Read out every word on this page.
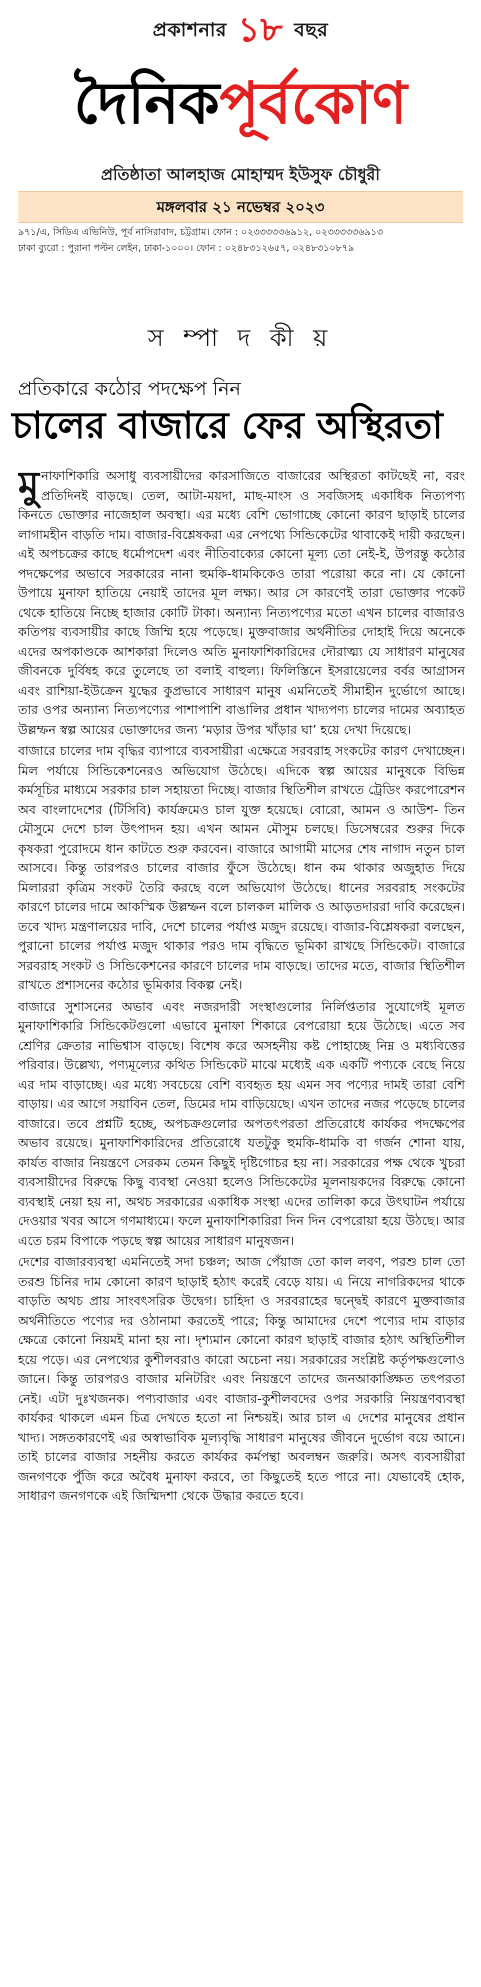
প্রকাশনার ১৮ বছর
দৈনিকপূর্বকোণ
প্রতিষ্ঠাতা আলহাজ মোহাম্মদ ইউসুফ চৌধুরী
মঙ্গলবার ২১ নভেম্বর ২০২৩
৯৭১/এ, সিডিএ এভিনিউ, পূর্ব নাসিরাবাদ, চট্টগ্রাম। ফোন : ০২৩৩৩৩৩৬৯১২, ০২৩৩৩৩৩৬৯১৩
ঢাকা ব্যুরো : পুরানা পল্টন লেইন, ঢাকা-১০০০। ফোন : ০২৪৮৩১২৬৫৭, ০২৪৮৩১০৮৭৯
স ম্পা দ কী য়
প্রতিকারে কঠোর পদক্ষেপ নিন
চালের বাজারে ফের অস্থিরতা

মুনাফাশিকারি অসাধু ব্যবসায়ীদের কারসাজিতে বাজারের অস্থিরতা কাটছেই না, বরং প্রতিদিনই বাড়ছে। তেল, আটা-ময়দা, মাছ-মাংস ও সবজিসহ একাধিক নিত্যপণ্য কিনতে ভোক্তার নাজেহাল অবস্থা। এর মধ্যে বেশি ভোগাচ্ছে কোনো কারণ ছাড়াই চালের লাগামহীন বাড়তি দাম। বাজার-বিশ্লেষকরা এর নেপথ্যে সিন্ডিকেটের থাবাকেই দায়ী করছেন। এই অপচক্রের কাছে ধর্মোপদেশ এবং নীতিবাক্যের কোনো মূল্য তো নেই-ই, উপরন্তু কঠোর পদক্ষেপের অভাবে সরকারের নানা হুমকি-ধামকিকেও তারা পরোয়া করে না। যে কোনো উপায়ে মুনাফা হাতিয়ে নেয়াই তাদের মূল লক্ষ্য। আর সে কারণেই তারা ভোক্তার পকেট থেকে হাতিয়ে নিচ্ছে হাজার কোটি টাকা। অন্যান্য নিত্যপণ্যের মতো এখন চালের বাজারও কতিপয় ব্যবসায়ীর কাছে জিম্মি হয়ে পড়েছে। মুক্তবাজার অর্থনীতির দোহাই দিয়ে অনেকে এদের অপকাণ্ডকে আশকারা দিলেও অতি মুনাফাশিকারিদের দৌরাত্ম্য যে সাধারণ মানুষের জীবনকে দুর্বিষহ করে তুলেছে তা বলাই বাহুল্য। ফিলিস্তিনে ইসরায়েলের বর্বর আগ্রাসন এবং রাশিয়া-ইউক্রেন যুদ্ধের কুপ্রভাবে সাধারণ মানুষ এমনিতেই সীমাহীন দুর্ভোগে আছে। তার ওপর অন্যান্য নিত্যপণ্যের পাশাপাশি বাঙালির প্রধান খাদ্যপণ্য চালের দামের অব্যাহত উল্লম্ফন স্বল্প আয়ের ভোক্তাদের জন্য ‘মড়ার উপর খাঁড়ার ঘা’ হয়ে দেখা দিয়েছে।

বাজারে চালের দাম বৃদ্ধির ব্যাপারে ব্যবসায়ীরা এক্ষেত্রে সরবরাহ সংকটের কারণ দেখাচ্ছেন। মিল পর্যায়ে সিন্ডিকেশনেরও অভিযোগ উঠেছে। এদিকে স্বল্প আয়ের মানুষকে বিভিন্ন কর্মসূচির মাধ্যমে সরকার চাল সহায়তা দিচ্ছে। বাজার স্থিতিশীল রাখতে ট্রেডিং করপোরেশন অব বাংলাদেশের (টিসিবি) কার্যক্রমেও চাল যুক্ত হয়েছে। বোরো, আমন ও আউশ- তিন মৌসুমে দেশে চাল উৎপাদন হয়। এখন আমন মৌসুম চলছে। ডিসেম্বরের শুরুর দিকে কৃষকরা পুরোদমে ধান কাটতে শুরু করবেন। বাজারে আগামী মাসের শেষ নাগাদ নতুন চাল আসবে। কিন্তু তারপরও চালের বাজার ফুঁসে উঠেছে। ধান কম থাকার অজুহাত দিয়ে মিলাররা কৃত্রিম সংকট তৈরি করছে বলে অভিযোগ উঠেছে। ধানের সরবরাহ সংকটের কারণে চালের দামে আকস্মিক উল্লম্ফন বলে চালকল মালিক ও আড়তদাররা দাবি করেছেন। তবে খাদ্য মন্ত্রণালয়ের দাবি, দেশে চালের পর্যাপ্ত মজুদ রয়েছে। বাজার-বিশ্লেষকরা বলছেন, পুরানো চালের পর্যাপ্ত মজুদ থাকার পরও দাম বৃদ্ধিতে ভূমিকা রাখছে সিন্ডিকেট। বাজারে সরবরাহ সংকট ও সিন্ডিকেশনের কারণে চালের দাম বাড়ছে। তাদের মতে, বাজার স্থিতিশীল রাখতে প্রশাসনের কঠোর ভূমিকার বিকল্প নেই।

বাজারে সুশাসনের অভাব এবং নজরদারী সংস্থাগুলোর নির্লিপ্ততার সুযোগেই মূলত মুনাফাশিকারি সিন্ডিকেটগুলো এভাবে মুনাফা শিকারে বেপরোয়া হয়ে উঠেছে। এতে সব শ্রেণির ক্রেতার নাভিশ্বাস বাড়ছে। বিশেষ করে অসহনীয় কষ্ট পোহাচ্ছে নিম্ন ও মধ্যবিত্তের পরিবার। উল্লেখ্য, পণ্যমূল্যের কথিত সিন্ডিকেট মাঝে মধ্যেই এক একটি পণ্যকে বেছে নিয়ে এর দাম বাড়াচ্ছে। এর মধ্যে সবচেয়ে বেশি ব্যবহৃত হয় এমন সব পণ্যের দামই তারা বেশি বাড়ায়। এর আগে সয়াবিন তেল, ডিমের দাম বাড়িয়েছে। এখন তাদের নজর পড়েছে চালের বাজারে। তবে প্রশ্নটি হচ্ছে, অপচক্রগুলোর অপতৎপরতা প্রতিরোধে কার্যকর পদক্ষেপের অভাব রয়েছে। মুনাফাশিকারিদের প্রতিরোধে যতটুকু হুমকি-ধামকি বা গর্জন শোনা যায়, কার্যত বাজার নিয়ন্ত্রণে সেরকম তেমন কিছুই দৃষ্টিগোচর হয় না। সরকারের পক্ষ থেকে খুচরা ব্যবসায়ীদের বিরুদ্ধে কিছু ব্যবস্থা নেওয়া হলেও সিন্ডিকেটের মূলনায়কদের বিরুদ্ধে কোনো ব্যবস্থাই নেয়া হয় না, অথচ সরকারের একাধিক সংস্থা এদের তালিকা করে উৎঘাটন পর্যায়ে দেওয়ার খবর আসে গণমাধ্যমে। ফলে মুনাফাশিকারিরা দিন দিন বেপরোয়া হয়ে উঠছে। আর এতে চরম বিপাকে পড়ছে স্বল্প আয়ের সাধারণ মানুষজন।

দেশের বাজারব্যবস্থা এমনিতেই সদা চঞ্চল; আজ পেঁয়াজ তো কাল লবণ, পরশু চাল তো তরশু চিনির দাম কোনো কারণ ছাড়াই হঠাৎ করেই বেড়ে যায়। এ নিয়ে নাগরিকদের থাকে বাড়তি অথচ প্রায় সাংবৎসরিক উদ্বেগ। চাহিদা ও সরবরাহের দ্বন্দ্বেই কারণে মুক্তবাজার অর্থনীতিতে পণ্যের দর ওঠানামা করতেই পারে; কিন্তু আমাদের দেশে পণ্যের দাম বাড়ার ক্ষেত্রে কোনো নিয়মই মানা হয় না। দৃশ্যমান কোনো কারণ ছাড়াই বাজার হঠাৎ অস্থিতিশীল হয়ে পড়ে। এর নেপথ্যের কুশীলবরাও কারো অচেনা নয়। সরকারের সংশ্লিষ্ট কর্তৃপক্ষগুলোও জানে। কিন্তু তারপরও বাজার মনিটরিং এবং নিয়ন্ত্রণে তাদের জনআকাঙ্ক্ষিত তৎপরতা নেই। এটা দুঃখজনক। পণ্যবাজার এবং বাজার-কুশীলবদের ওপর সরকারি নিয়ন্ত্রণব্যবস্থা কার্যকর থাকলে এমন চিত্র দেখতে হতো না নিশ্চয়ই। আর চাল এ দেশের মানুষের প্রধান খাদ্য। সঙ্গতকারণেই এর অস্বাভাবিক মূল্যবৃদ্ধি সাধারণ মানুষের জীবনে দুর্ভোগ বয়ে আনে। তাই চালের বাজার সহনীয় করতে কার্যকর কর্মপন্থা অবলম্বন জরুরি। অসৎ ব্যবসায়ীরা জনগণকে পুঁজি করে অবৈধ মুনাফা করবে, তা কিছুতেই হতে পারে না। যেভাবেই হোক, সাধারণ জনগণকে এই জিম্মিদশা থেকে উদ্ধার করতে হবে।
